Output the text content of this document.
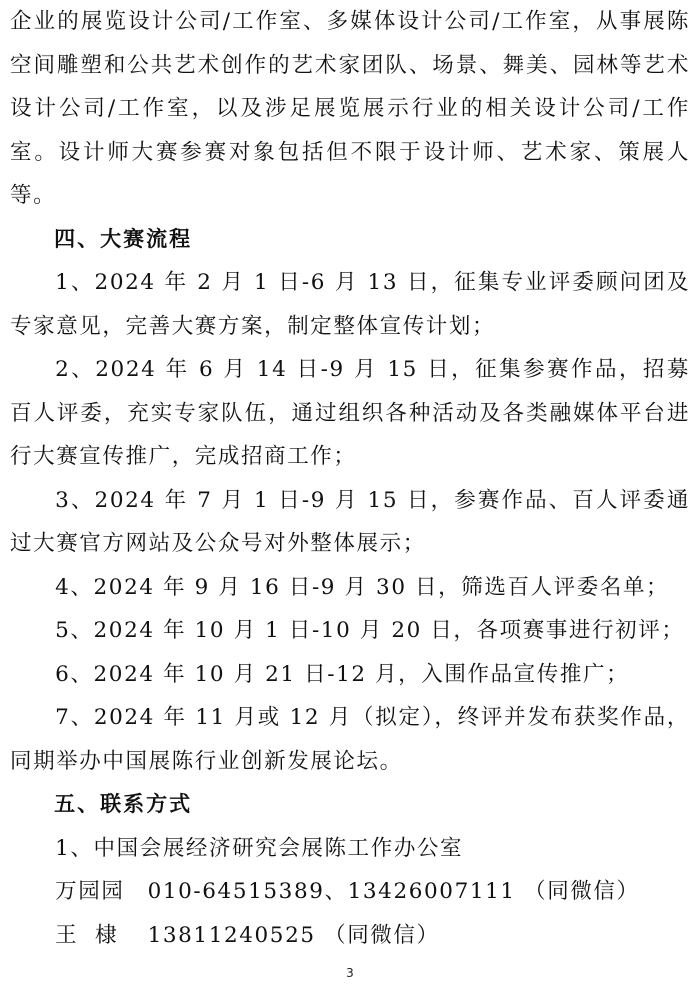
企业的展览设计公司/工作室、多媒体设计公司/工作室，从事展陈空间雕塑和公共艺术创作的艺术家团队、场景、舞美、园林等艺术设计公司/工作室，以及涉足展览展示行业的相关设计公司/工作室。设计师大赛参赛对象包括但不限于设计师、艺术家、策展人等。

四、大赛流程

1、2024 年 2 月 1 日-6 月 13 日，征集专业评委顾问团及专家意见，完善大赛方案，制定整体宣传计划；

2、2024 年 6 月 14 日-9 月 15 日，征集参赛作品，招募百人评委，充实专家队伍，通过组织各种活动及各类融媒体平台进行大赛宣传推广，完成招商工作；

3、2024 年 7 月 1 日-9 月 15 日，参赛作品、百人评委通过大赛官方网站及公众号对外整体展示；

4、2024 年 9 月 16 日-9 月 30 日，筛选百人评委名单；

5、2024 年 10 月 1 日-10 月 20 日，各项赛事进行初评；

6、2024 年 10 月 21 日-12 月，入围作品宣传推广；

7、2024 年 11 月或 12 月（拟定），终评并发布获奖作品，同期举办中国展陈行业创新发展论坛。

五、联系方式

1、中国会展经济研究会展陈工作办公室

万园园 010-64515389、13426007111 （同微信）

王  棣 13811240525 （同微信）

3
